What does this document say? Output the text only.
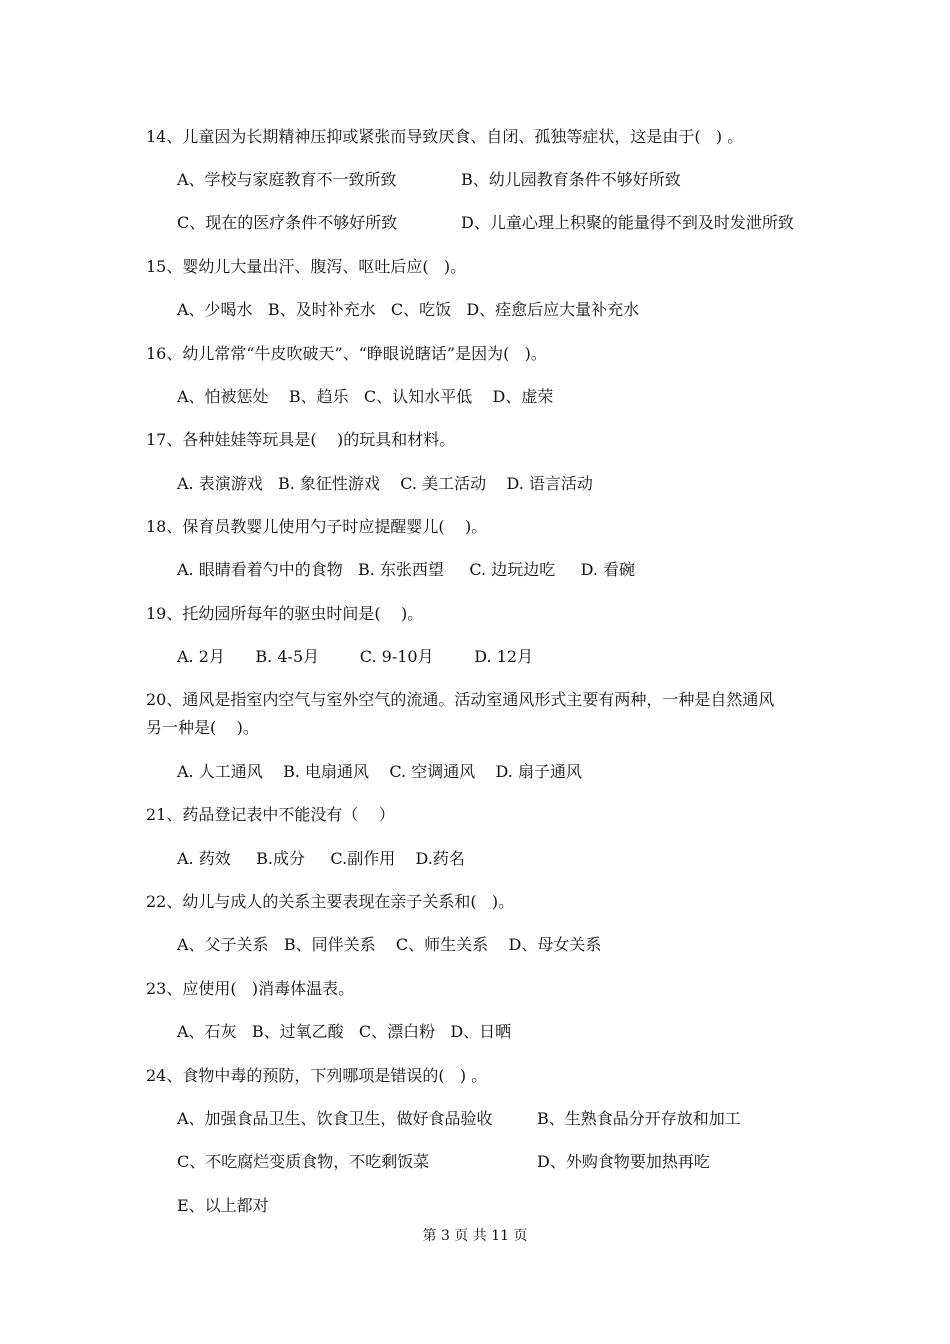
14、儿童因为长期精神压抑或紧张而导致厌食、自闭、孤独等症状，这是由于(   ) 。
A、学校与家庭教育不一致所致	B、幼儿园教育条件不够好所致
C、现在的医疗条件不够好所致	D、儿童心理上积聚的能量得不到及时发泄所致
15、婴幼儿大量出汗、腹泻、呕吐后应(   )。
A、少喝水   B、及时补充水   C、吃饭   D、痊愈后应大量补充水
16、幼儿常常“牛皮吹破天”、“睁眼说瞎话”是因为(   )。
A、怕被惩处    B、趋乐   C、认知水平低    D、虚荣
17、各种娃娃等玩具是(    )的玩具和材料。
A. 表演游戏   B. 象征性游戏    C. 美工活动    D. 语言活动
18、保育员教婴儿使用勺子时应提醒婴儿(    )。
A. 眼睛看着勺中的食物   B. 东张西望     C. 边玩边吃     D. 看碗
19、托幼园所每年的驱虫时间是(    )。
A. 2月      B. 4-5月        C. 9-10月        D. 12月
20、通风是指室内空气与室外空气的流通。活动室通风形式主要有两种，一种是自然通风
另一种是(    )。
A. 人工通风    B. 电扇通风    C. 空调通风    D. 扇子通风
21、药品登记表中不能没有（    ）
A. 药效     B.成分     C.副作用    D.药名
22、幼儿与成人的关系主要表现在亲子关系和(   )。
A、父子关系   B、同伴关系    C、师生关系    D、母女关系
23、应使用(   )消毒体温表。
A、石灰   B、过氧乙酸   C、漂白粉   D、日晒
24、食物中毒的预防，下列哪项是错误的(   ) 。
A、加强食品卫生、饮食卫生，做好食品验收	B、生熟食品分开存放和加工
C、不吃腐烂变质食物，不吃剩饭菜	D、外购食物要加热再吃
E、以上都对
第 3 页 共 11 页
